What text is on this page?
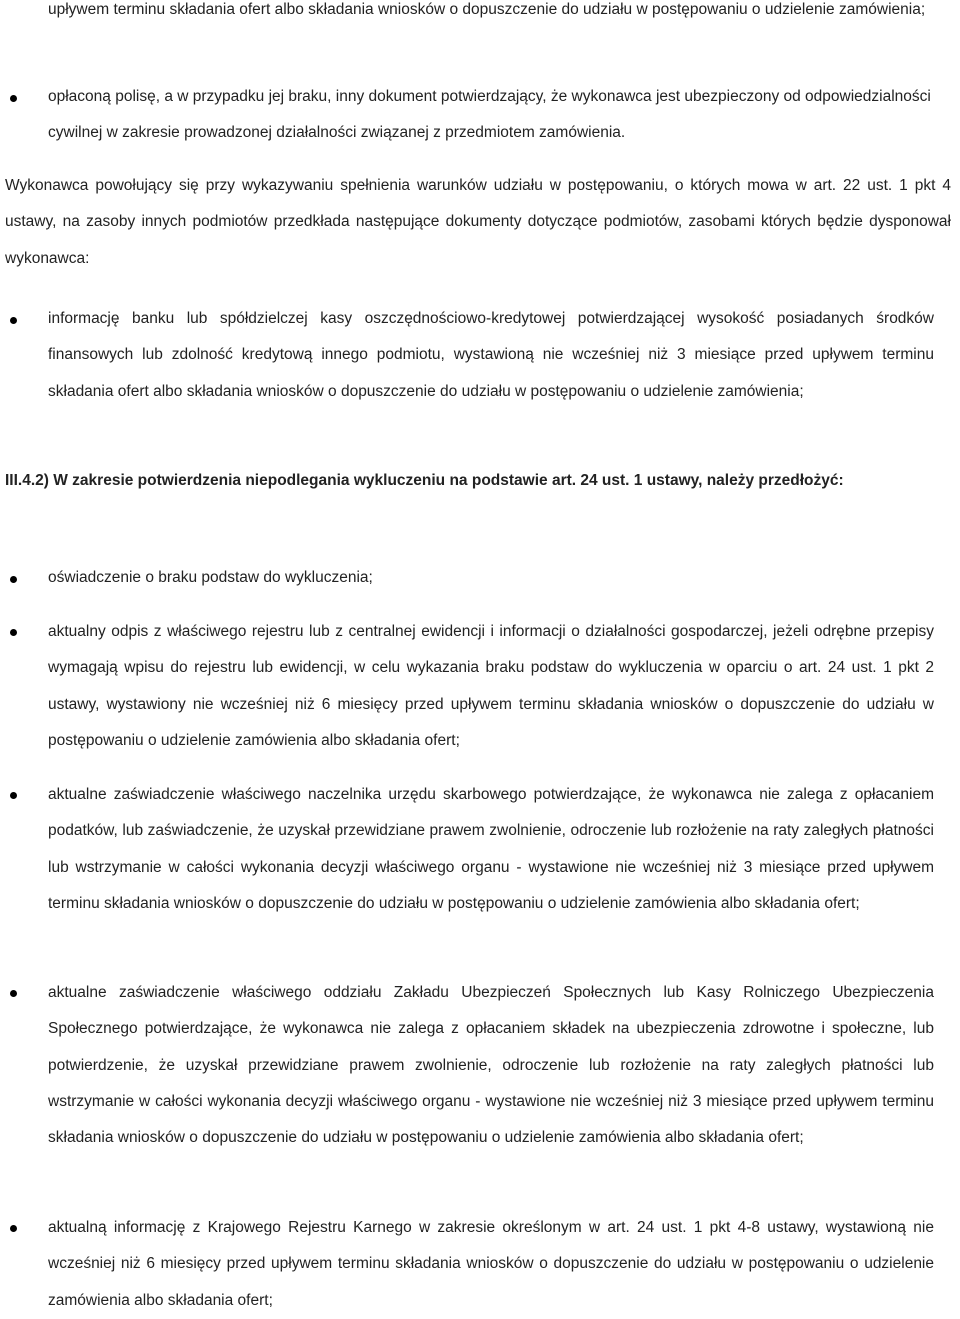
upływem terminu składania ofert albo składania wniosków o dopuszczenie do udziału w postępowaniu o udzielenie zamówienia;
opłaconą polisę, a w przypadku jej braku, inny dokument potwierdzający, że wykonawca jest ubezpieczony od odpowiedzialności cywilnej w zakresie prowadzonej działalności związanej z przedmiotem zamówienia.
Wykonawca powołujący się przy wykazywaniu spełnienia warunków udziału w postępowaniu, o których mowa w art. 22 ust. 1 pkt 4 ustawy, na zasoby innych podmiotów przedkłada następujące dokumenty dotyczące podmiotów, zasobami których będzie dysponował wykonawca:
informację banku lub spółdzielczej kasy oszczędnościowo-kredytowej potwierdzającej wysokość posiadanych środków finansowych lub zdolność kredytową innego podmiotu, wystawioną nie wcześniej niż 3 miesiące przed upływem terminu składania ofert albo składania wniosków o dopuszczenie do udziału w postępowaniu o udzielenie zamówienia;
III.4.2) W zakresie potwierdzenia niepodlegania wykluczeniu na podstawie art. 24 ust. 1 ustawy, należy przedłożyć:
oświadczenie o braku podstaw do wykluczenia;
aktualny odpis z właściwego rejestru lub z centralnej ewidencji i informacji o działalności gospodarczej, jeżeli odrębne przepisy wymagają wpisu do rejestru lub ewidencji, w celu wykazania braku podstaw do wykluczenia w oparciu o art. 24 ust. 1 pkt 2 ustawy, wystawiony nie wcześniej niż 6 miesięcy przed upływem terminu składania wniosków o dopuszczenie do udziału w postępowaniu o udzielenie zamówienia albo składania ofert;
aktualne zaświadczenie właściwego naczelnika urzędu skarbowego potwierdzające, że wykonawca nie zalega z opłacaniem podatków, lub zaświadczenie, że uzyskał przewidziane prawem zwolnienie, odroczenie lub rozłożenie na raty zaległych płatności lub wstrzymanie w całości wykonania decyzji właściwego organu - wystawione nie wcześniej niż 3 miesiące przed upływem terminu składania wniosków o dopuszczenie do udziału w postępowaniu o udzielenie zamówienia albo składania ofert;
aktualne zaświadczenie właściwego oddziału Zakładu Ubezpieczeń Społecznych lub Kasy Rolniczego Ubezpieczenia Społecznego potwierdzające, że wykonawca nie zalega z opłacaniem składek na ubezpieczenia zdrowotne i społeczne, lub potwierdzenie, że uzyskał przewidziane prawem zwolnienie, odroczenie lub rozłożenie na raty zaległych płatności lub wstrzymanie w całości wykonania decyzji właściwego organu - wystawione nie wcześniej niż 3 miesiące przed upływem terminu składania wniosków o dopuszczenie do udziału w postępowaniu o udzielenie zamówienia albo składania ofert;
aktualną informację z Krajowego Rejestru Karnego w zakresie określonym w art. 24 ust. 1 pkt 4-8 ustawy, wystawioną nie wcześniej niż 6 miesięcy przed upływem terminu składania wniosków o dopuszczenie do udziału w postępowaniu o udzielenie zamówienia albo składania ofert;
